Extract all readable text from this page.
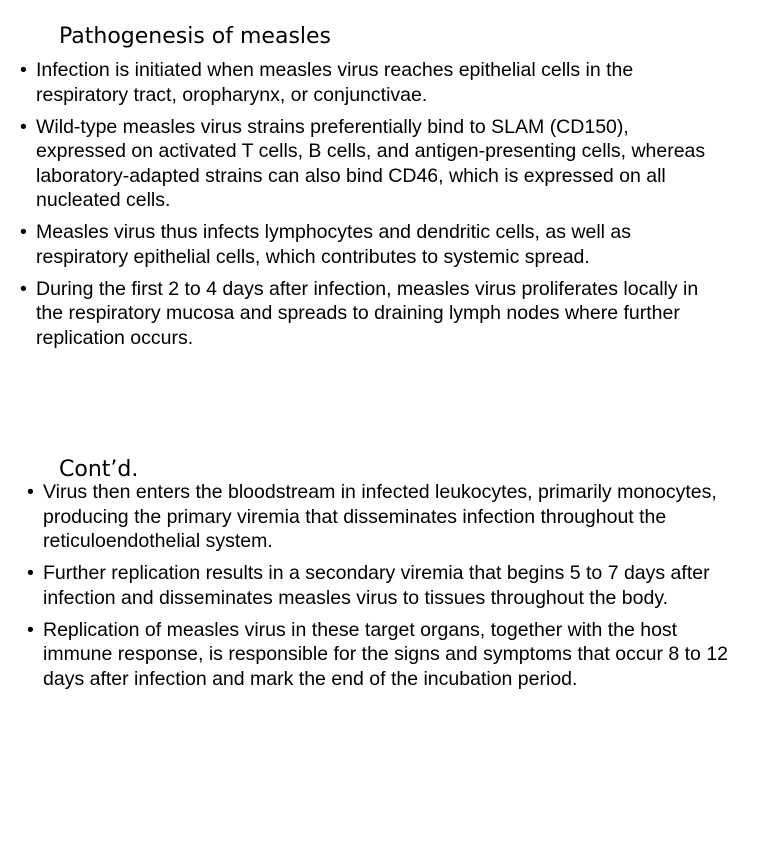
Pathogenesis of measles
• Infection is initiated when measles virus reaches epithelial cells in the respiratory tract, oropharynx, or conjunctivae.
• Wild-type measles virus strains preferentially bind to SLAM (CD150), expressed on activated T cells, B cells, and antigen-presenting cells, whereas laboratory-adapted strains can also bind CD46, which is expressed on all nucleated cells.
• Measles virus thus infects lymphocytes and dendritic cells, as well as respiratory epithelial cells, which contributes to systemic spread.
• During the first 2 to 4 days after infection, measles virus proliferates locally in the respiratory mucosa and spreads to draining lymph nodes where further replication occurs.
Cont’d.
• Virus then enters the bloodstream in infected leukocytes, primarily monocytes, producing the primary viremia that disseminates infection throughout the reticuloendothelial system.
• Further replication results in a secondary viremia that begins 5 to 7 days after infection and disseminates measles virus to tissues throughout the body.
• Replication of measles virus in these target organs, together with the host immune response, is responsible for the signs and symptoms that occur 8 to 12 days after infection and mark the end of the incubation period.
